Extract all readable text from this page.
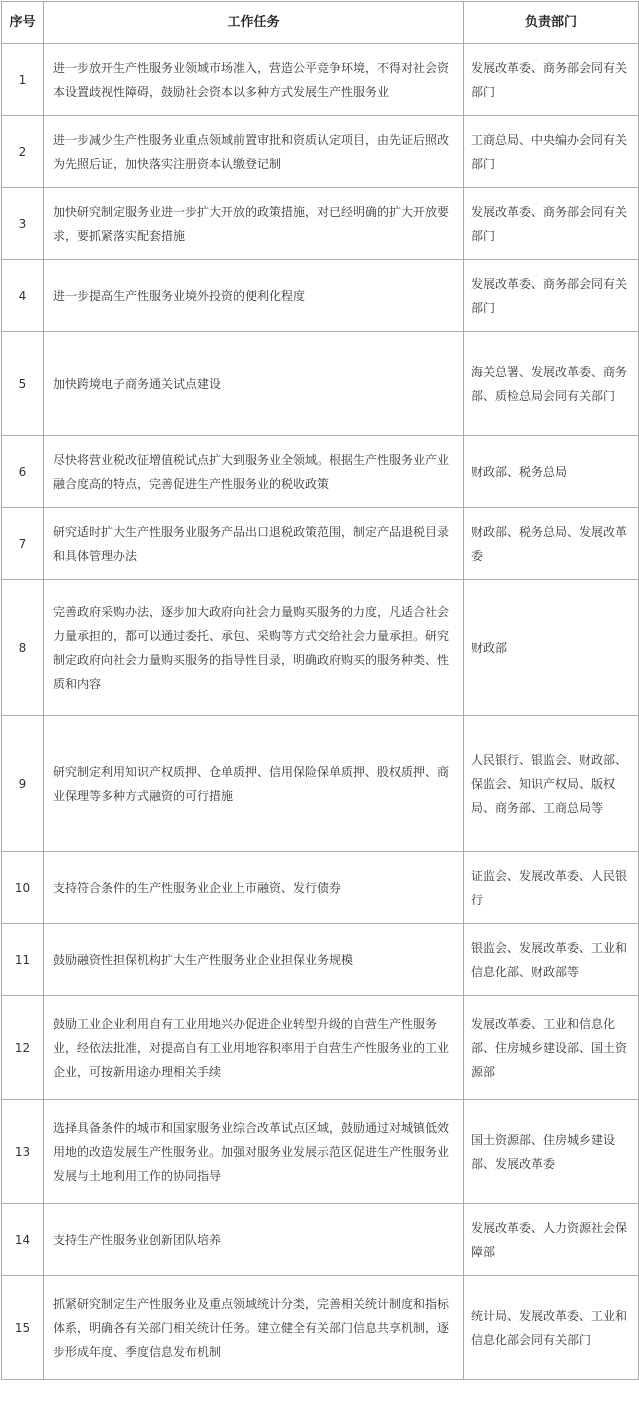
序号	工作任务	负责部门
1	进一步放开生产性服务业领域市场准入，营造公平竞争环境，不得对社会资本设置歧视性障碍，鼓励社会资本以多种方式发展生产性服务业	发展改革委、商务部会同有关部门
2	进一步减少生产性服务业重点领域前置审批和资质认定项目，由先证后照改为先照后证，加快落实注册资本认缴登记制	工商总局、中央编办会同有关部门
3	加快研究制定服务业进一步扩大开放的政策措施，对已经明确的扩大开放要求，要抓紧落实配套措施	发展改革委、商务部会同有关部门
4	进一步提高生产性服务业境外投资的便利化程度	发展改革委、商务部会同有关部门
5	加快跨境电子商务通关试点建设	海关总署、发展改革委、商务部、质检总局会同有关部门
6	尽快将营业税改征增值税试点扩大到服务业全领域。根据生产性服务业产业融合度高的特点，完善促进生产性服务业的税收政策	财政部、税务总局
7	研究适时扩大生产性服务业服务产品出口退税政策范围，制定产品退税目录和具体管理办法	财政部、税务总局、发展改革委
8	完善政府采购办法，逐步加大政府向社会力量购买服务的力度，凡适合社会力量承担的，都可以通过委托、承包、采购等方式交给社会力量承担。研究制定政府向社会力量购买服务的指导性目录，明确政府购买的服务种类、性质和内容	财政部
9	研究制定利用知识产权质押、仓单质押、信用保险保单质押、股权质押、商业保理等多种方式融资的可行措施	人民银行、银监会、财政部、保监会、知识产权局、版权局、商务部、工商总局等
10	支持符合条件的生产性服务业企业上市融资、发行债券	证监会、发展改革委、人民银行
11	鼓励融资性担保机构扩大生产性服务业企业担保业务规模	银监会、发展改革委、工业和信息化部、财政部等
12	鼓励工业企业利用自有工业用地兴办促进企业转型升级的自营生产性服务业，经依法批准，对提高自有工业用地容积率用于自营生产性服务业的工业企业，可按新用途办理相关手续	发展改革委、工业和信息化部、住房城乡建设部、国土资源部
13	选择具备条件的城市和国家服务业综合改革试点区域，鼓励通过对城镇低效用地的改造发展生产性服务业。加强对服务业发展示范区促进生产性服务业发展与土地利用工作的协同指导	国土资源部、住房城乡建设部、发展改革委
14	支持生产性服务业创新团队培养	发展改革委、人力资源社会保障部
15	抓紧研究制定生产性服务业及重点领域统计分类，完善相关统计制度和指标体系，明确各有关部门相关统计任务。建立健全有关部门信息共享机制，逐步形成年度、季度信息发布机制	统计局、发展改革委、工业和信息化部会同有关部门
